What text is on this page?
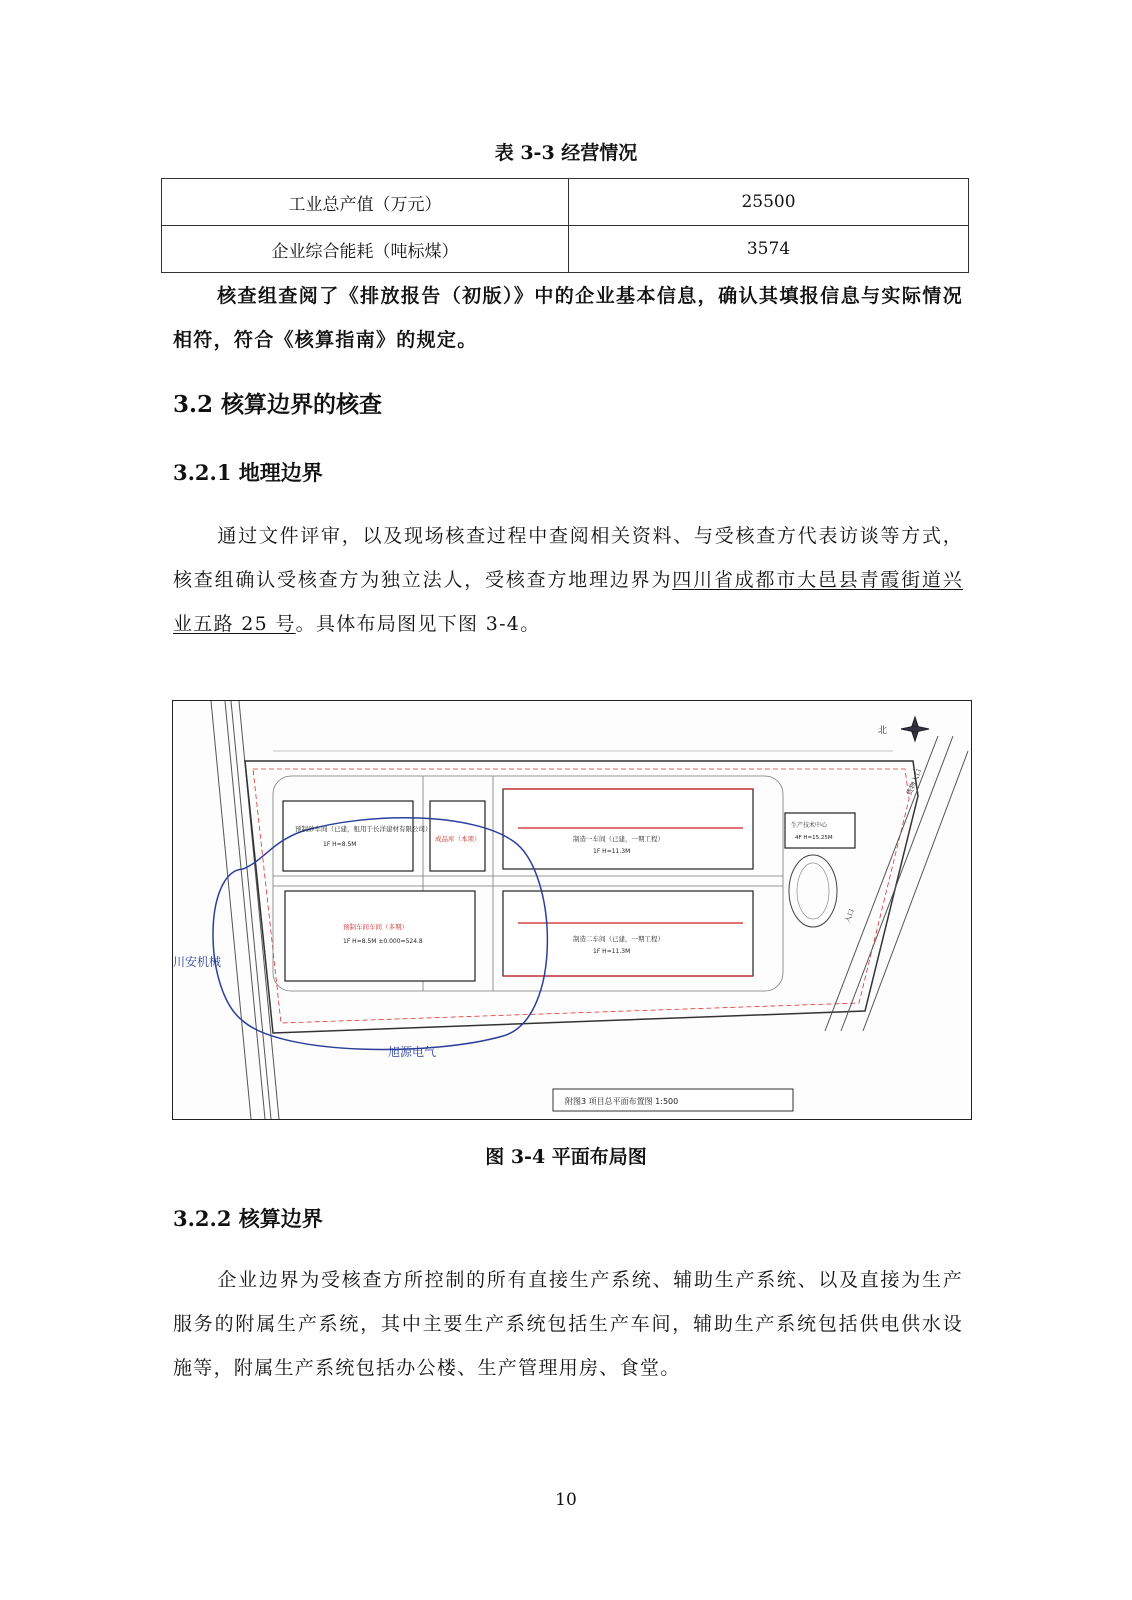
表 3-3 经营情况
工业总产值（万元）	25500
企业综合能耗（吨标煤）	3574
核查组查阅了《排放报告（初版）》中的企业基本信息，确认其填报信息与实际情况相符，符合《核算指南》的规定。
3.2 核算边界的核查
3.2.1 地理边界
通过文件评审，以及现场核查过程中查阅相关资料、与受核查方代表访谈等方式，核查组确认受核查方为独立法人，受核查方地理边界为四川省成都市大邑县青霞街道兴业五路 25 号。具体布局图见下图 3-4。
预制砂车间（已建，租用于长洋建材有限公司）
1F H=8.5M
成品库（本项）
预制车间车间（多期）
1F H=8.5M ±0.000=524.8
制造一车间（已建，一期工程）
1F H=11.3M
制造二车间（已建，一期工程）
1F H=11.3M
生产技术中心
4F H=15.25M
川安机械
旭源电气
货物入口
入口
北
附图3 项目总平面布置图 1:500
图 3-4 平面布局图
3.2.2 核算边界
企业边界为受核查方所控制的所有直接生产系统、辅助生产系统、以及直接为生产服务的附属生产系统，其中主要生产系统包括生产车间，辅助生产系统包括供电供水设施等，附属生产系统包括办公楼、生产管理用房、食堂。
10
